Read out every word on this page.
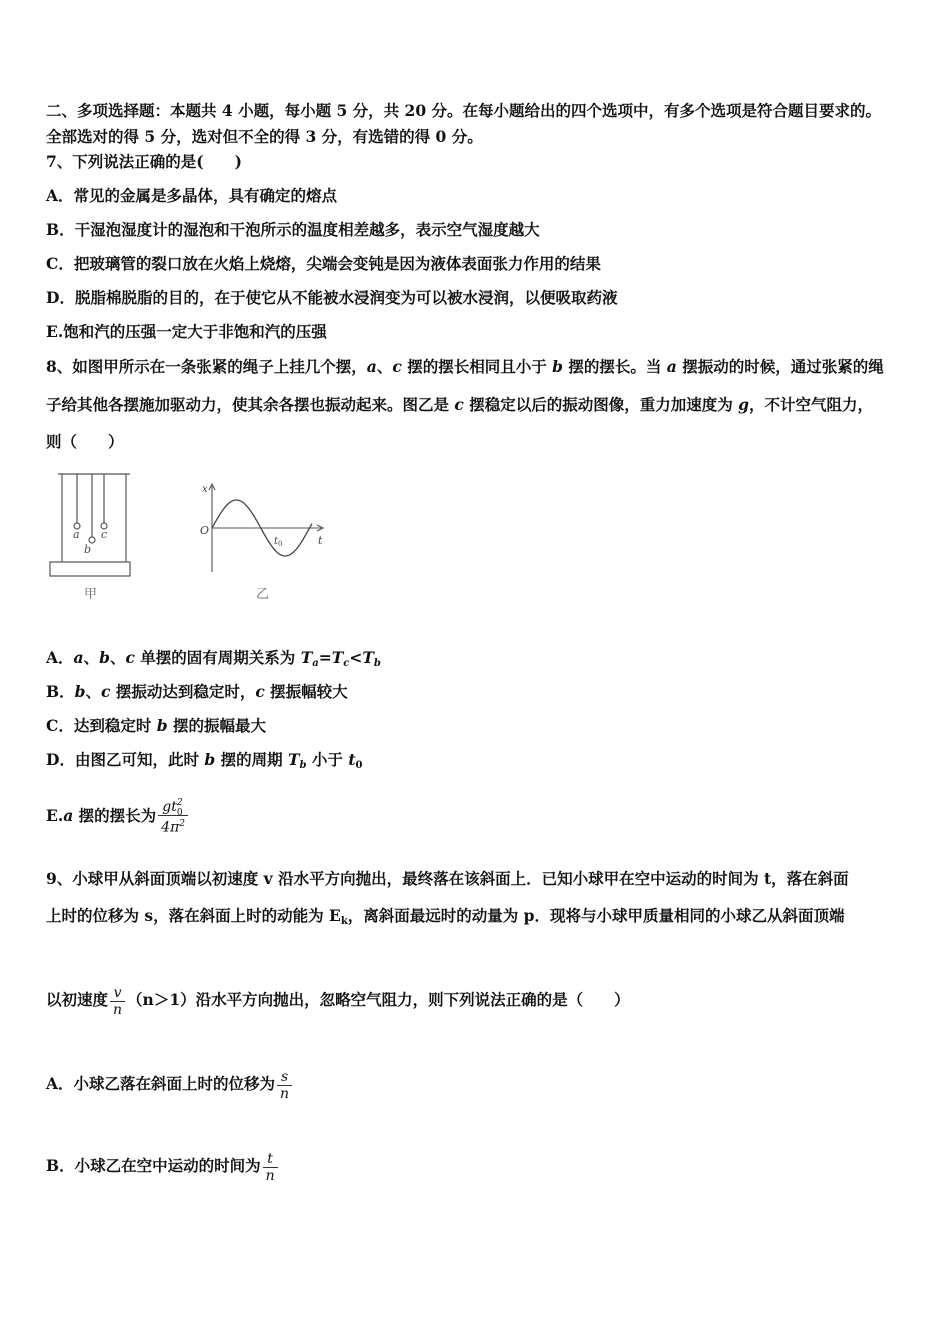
二、多项选择题：本题共 4 小题，每小题 5 分，共 20 分。在每小题给出的四个选项中，有多个选项是符合题目要求的。
全部选对的得 5 分，选对但不全的得 3 分，有选错的得 0 分。
7、下列说法正确的是(　　)
A．常见的金属是多晶体，具有确定的熔点
B．干湿泡湿度计的湿泡和干泡所示的温度相差越多，表示空气湿度越大
C．把玻璃管的裂口放在火焰上烧熔，尖端会变钝是因为液体表面张力作用的结果
D．脱脂棉脱脂的目的，在于使它从不能被水浸润变为可以被水浸润，以便吸取药液
E.饱和汽的压强一定大于非饱和汽的压强
8、如图甲所示在一条张紧的绳子上挂几个摆，a、c 摆的摆长相同且小于 b 摆的摆长。当 a 摆振动的时候，通过张紧的绳
子给其他各摆施加驱动力，使其余各摆也振动起来。图乙是 c 摆稳定以后的振动图像，重力加速度为 g，不计空气阻力，
则（　　）
a
b
c
甲
x
t
O
$t_0$
乙
A．a、b、c 单摆的固有周期关系为 $T_a=T_c<T_b$
B．b、c 摆振动达到稳定时，c 摆振幅较大
C．达到稳定时 b 摆的振幅最大
D．由图乙可知，此时 b 摆的周期 $T_b$ 小于 t0
E.a 摆的摆长为 gt 2
0
$4\pi^2$
9、小球甲从斜面顶端以初速度 v 沿水平方向抛出，最终落在该斜面上．已知小球甲在空中运动的时间为 t，落在斜面
上时的位移为 s，落在斜面上时的动能为 Ek，离斜面最远时的动量为 p．现将与小球甲质量相同的小球乙从斜面顶端
以初速度 $\frac{v}{n} (n>1)$沿水平方向抛出，忽略空气阻力，则下列说法正确的是（　　）
A．小球乙落在斜面上时的位移为 $\frac{s}{n}$
B．小球乙在空中运动的时间为 $\frac{t}{n}$
